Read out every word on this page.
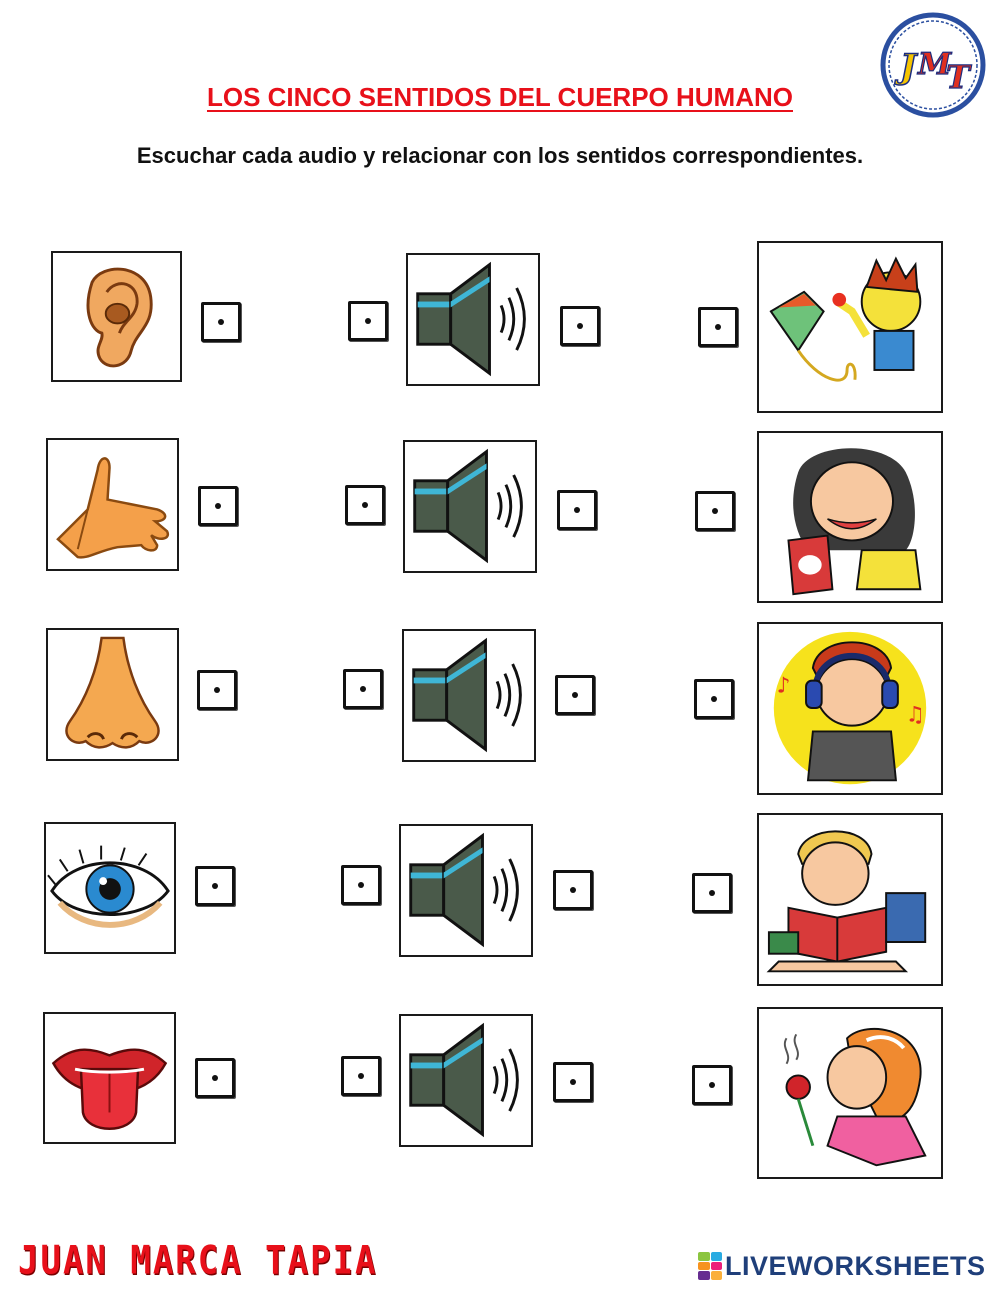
J M
T
LOS CINCO SENTIDOS DEL CUERPO HUMANO
Escuchar cada audio y relacionar con los sentidos correspondientes.
♪
♫
JUAN MARCA TAPIA	LIVEWORKSHEETS
